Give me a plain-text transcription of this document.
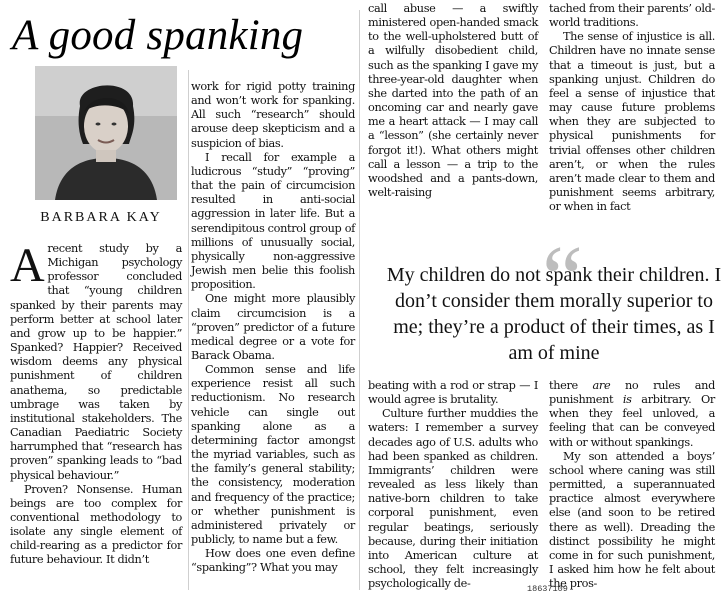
A good spanking
BARBARA KAY

Arecent study by a Michigan psychology professor concluded that “young children spanked by their parents may perform better at school later and grow up to be happier.” Spanked? Happier? Received wisdom deems any physical punishment of children anathema, so predictable umbrage was taken by institutional stakeholders. The Canadian Paediatric Society harrumphed that “research has proven” spanking leads to “bad physical behaviour.”

Proven? Nonsense. Human beings are too complex for conventional methodology to isolate any single element of child-rearing as a predictor for future behaviour. It didn’t

work for rigid potty training and won’t work for spanking. All such “research” should arouse deep skepticism and a suspicion of bias.

I recall for example a ludicrous “study” “proving” that the pain of circumcision resulted in anti-social aggression in later life. But a serendipitous control group of millions of unusually social, physically non-aggressive Jewish men belie this foolish proposition.

One might more plausibly claim circumcision is a “proven” predictor of a future medical degree or a vote for Barack Obama.

Common sense and life experience resist all such reductionism. No research vehicle can single out spanking alone as a determining factor amongst the myriad variables, such as the family’s general stability; the consistency, moderation and frequency of the practice; or whether punishment is administered privately or publicly, to name but a few.

How does one even define “spanking”? What you may

call abuse — a swiftly ministered open-handed smack to the well-upholstered butt of a wilfully disobedient child, such as the spanking I gave my three-year-old daughter when she darted into the path of an oncoming car and nearly gave me a heart attack — I may call a “lesson” (she certainly never forgot it!). What others might call a lesson — a trip to the woodshed and a pants-down, welt-raising

tached from their parents’ old-world traditions.

The sense of injustice is all. Children have no innate sense that a timeout is just, but a spanking unjust. Children do feel a sense of injustice that may cause future problems when they are subjected to physical punishments for trivial offenses other children aren’t, or when the rules aren’t made clear to them and punishment seems arbitrary, or when in fact

“
My children do not spank their children. I don’t consider them morally superior to me; they’re a product of their times, as I am of mine

beating with a rod or strap — I would agree is brutality.

Culture further muddies the waters: I remember a survey decades ago of U.S. adults who had been spanked as children. Immigrants’ children were revealed as less likely than native-born children to take corporal punishment, even regular beatings, seriously because, during their initiation into American culture at school, they felt increasingly psychologically de-

there are no rules and punishment is arbitrary. Or when they feel unloved, a feeling that can be conveyed with or without spankings.

My son attended a boys’ school where caning was still permitted, a superannuated practice almost everywhere else (and soon to be retired there as well). Dreading the distinct possibility he might come in for such punishment, I asked him how he felt about the pros-

18637109
